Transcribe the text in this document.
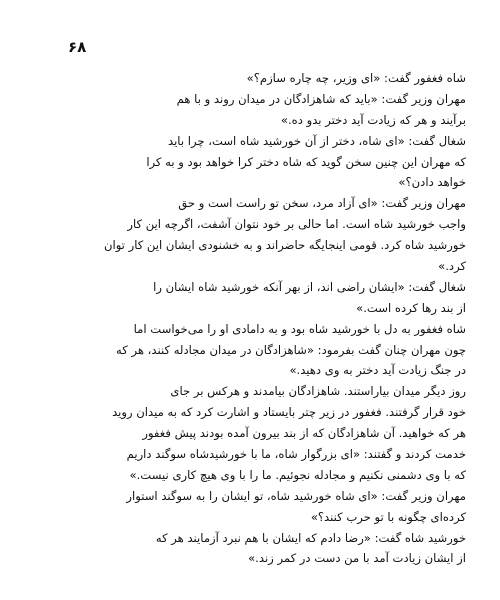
۶۸
شاه فغفور گفت: «ای وزیر، چه چاره سازم؟»
مهران وزیر گفت: «باید که شاهزادگان در میدان روند و با هم
برآیند و هر که زیادت آید دختر بدو ده.»
شغال گفت: «ای شاه، دختر از آن خورشید شاه است، چرا باید
که مهران این چنین سخن گوید که شاه دختر کرا خواهد بود و به کرا
خواهد دادن؟»
مهران وزیر گفت: «ای آزاد مرد، سخن تو راست است و حق
واجب خورشید شاه است. اما حالی بر خود نتوان آشفت، اگرچه این کار
خورشید شاه کرد. قومی اینجایگه حاضراند و به خشنودی ایشان این کار توان
کرد.»
شغال گفت: «ایشان راضی اند، از بهر آنکه خورشید شاه ایشان را
از بند رها کرده است.»
شاه فغفور به دل با خورشید شاه بود و به دامادی او را می‌خواست اما
چون مهران چنان گفت بفرمود: «شاهزادگان در میدان مجادله کنند، هر که
در جنگ زیادت آید دختر به وی دهید.»
روز دیگر میدان بیاراستند. شاهزادگان بیامدند و هرکس بر جای
خود قرار گرفتند. فغفور در زیر چتر بایستاد و اشارت کرد که به میدان روید
هر که خواهید. آن شاهزادگان که از بند بیرون آمده بودند پیش فغفور
خدمت کردند و گفتند: «ای بزرگوار شاه، ما با خورشیدشاه سوگند داریم
که با وی دشمنی نکنیم و مجادله نجوئیم. ما را با وی هیچ کاری نیست.»
مهران وزیر گفت: «ای شاه خورشید شاه، تو ایشان را به سوگند استوار
کرده‌ای چگونه با تو حرب کنند؟»
خورشید شاه گفت: «رضا دادم که ایشان با هم نبرد آزمایند هر که
از ایشان زیادت آمد با من دست در کمر زند.»
